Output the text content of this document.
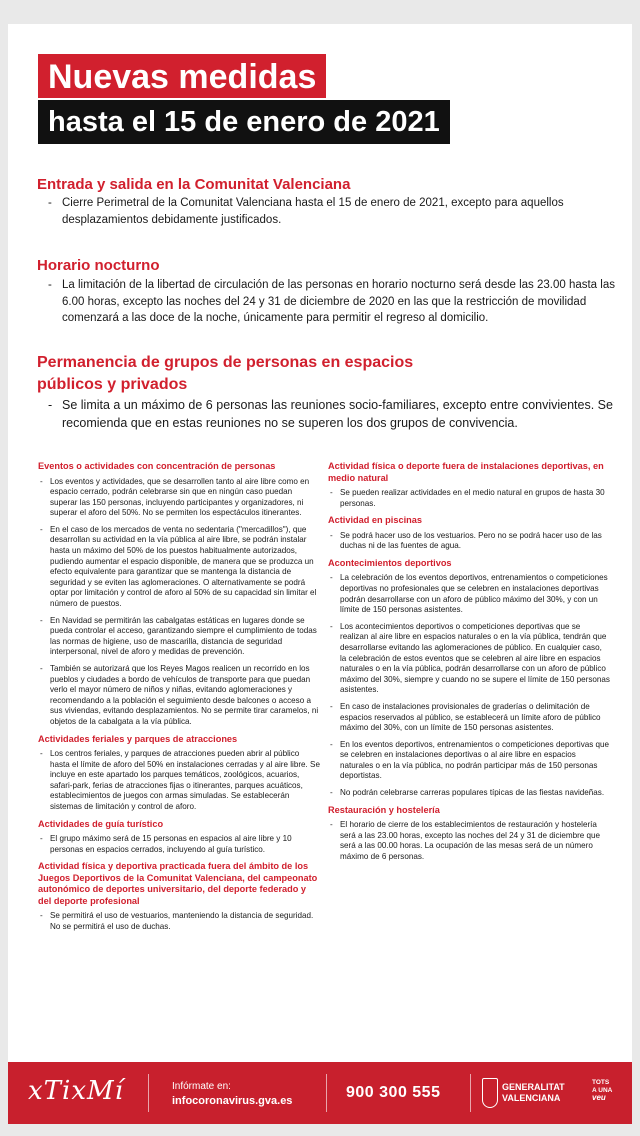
Nuevas medidas
hasta el 15 de enero de 2021
Entrada y salida en la Comunitat Valenciana
- Cierre Perimetral de la Comunitat Valenciana hasta el 15 de enero de 2021, excepto para aquellos desplazamientos debidamente justificados.
Horario nocturno
- La limitación de la libertad de circulación de las personas en horario nocturno será desde las 23.00 hasta las 6.00 horas, excepto las noches del 24 y 31 de diciembre de 2020 en las que la restricción de movilidad comenzará a las doce de la noche, únicamente para permitir el regreso al domicilio.
Permanencia de grupos de personas en espacios públicos y privados
- Se limita a un máximo de 6 personas las reuniones socio-familiares, excepto entre convivientes. Se recomienda que en estas reuniones no se superen los dos grupos de convivencia.
Eventos o actividades con concentración de personas
- Los eventos y actividades, que se desarrollen tanto al aire libre como en espacio cerrado, podrán celebrarse sin que en ningún caso puedan superar las 150 personas, incluyendo participantes y organizadores, ni superar el aforo del 50%. No se permiten los espectáculos itinerantes.
- En el caso de los mercados de venta no sedentaria ("mercadillos"), que desarrollan su actividad en la vía pública al aire libre, se podrán instalar hasta un máximo del 50% de los puestos habitualmente autorizados, pudiendo aumentar el espacio disponible, de manera que se produzca un efecto equivalente para garantizar que se mantenga la distancia de seguridad y se eviten las aglomeraciones. O alternativamente se podrá optar por limitación y control de aforo al 50% de su capacidad sin limitar el número de puestos.
- En Navidad se permitirán las cabalgatas estáticas en lugares donde se pueda controlar el acceso, garantizando siempre el cumplimiento de todas las normas de higiene, uso de mascarilla, distancia de seguridad interpersonal, nivel de aforo y medidas de prevención.
- También se autorizará que los Reyes Magos realicen un recorrido en los pueblos y ciudades a bordo de vehículos de transporte para que puedan verlo el mayor número de niños y niñas, evitando aglomeraciones y recomendando a la población el seguimiento desde balcones o acceso a sus viviendas, evitando desplazamientos. No se permite tirar caramelos, ni objetos de la cabalgata a la vía pública.
Actividades feriales y parques de atracciones
- Los centros feriales, y parques de atracciones pueden abrir al público hasta el límite de aforo del 50% en instalaciones cerradas y al aire libre. Se incluye en este apartado los parques temáticos, zoológicos, acuarios, safari-park, ferias de atracciones fijas o itinerantes, parques acuáticos, establecimientos de juegos con armas simuladas. Se establecerán sistemas de limitación y control de aforo.
Actividades de guía turístico
- El grupo máximo será de 15 personas en espacios al aire libre y 10 personas en espacios cerrados, incluyendo al guía turístico.
Actividad física y deportiva practicada fuera del ámbito de los Juegos Deportivos de la Comunitat Valenciana, del campeonato autonómico de deportes universitario, del deporte federado y del deporte profesional
- Se permitirá el uso de vestuarios, manteniendo la distancia de seguridad. No se permitirá el uso de duchas.
Actividad física o deporte fuera de instalaciones deportivas, en medio natural
- Se pueden realizar actividades en el medio natural en grupos de hasta 30 personas.
Actividad en piscinas
- Se podrá hacer uso de los vestuarios. Pero no se podrá hacer uso de las duchas ni de las fuentes de agua.
Acontecimientos deportivos
- La celebración de los eventos deportivos, entrenamientos o competiciones deportivas no profesionales que se celebren en instalaciones deportivas podrán desarrollarse con un aforo de público máximo del 30%, y con un límite de 150 personas asistentes.
- Los acontecimientos deportivos o competiciones deportivas que se realizan al aire libre en espacios naturales o en la vía pública, tendrán que desarrollarse evitando las aglomeraciones de público. En cualquier caso, la celebración de estos eventos que se celebren al aire libre en espacios naturales o en la vía pública, podrán desarrollarse con un aforo de público máximo del 30%, siempre y cuando no se supere el límite de 150 personas asistentes.
- En caso de instalaciones provisionales de graderías o delimitación de espacios reservados al público, se establecerá un límite aforo de público máximo del 30%, con un límite de 150 personas asistentes.
- En los eventos deportivos, entrenamientos o competiciones deportivas que se celebren en instalaciones deportivas o al aire libre en espacios naturales o en la vía pública, no podrán participar más de 150 personas deportistas.
- No podrán celebrarse carreras populares típicas de las fiestas navideñas.
Restauración y hostelería
- El horario de cierre de los establecimientos de restauración y hostelería será a las 23.00 horas, excepto las noches del 24 y 31 de diciembre que será a las 00.00 horas. La ocupación de las mesas será de un número máximo de 6 personas.
xTixMí	Infórmate en:
infocoronavirus.gva.es	900 300 555	GENERALITAT
VALENCIANA
TOTS
A UNA
veu
